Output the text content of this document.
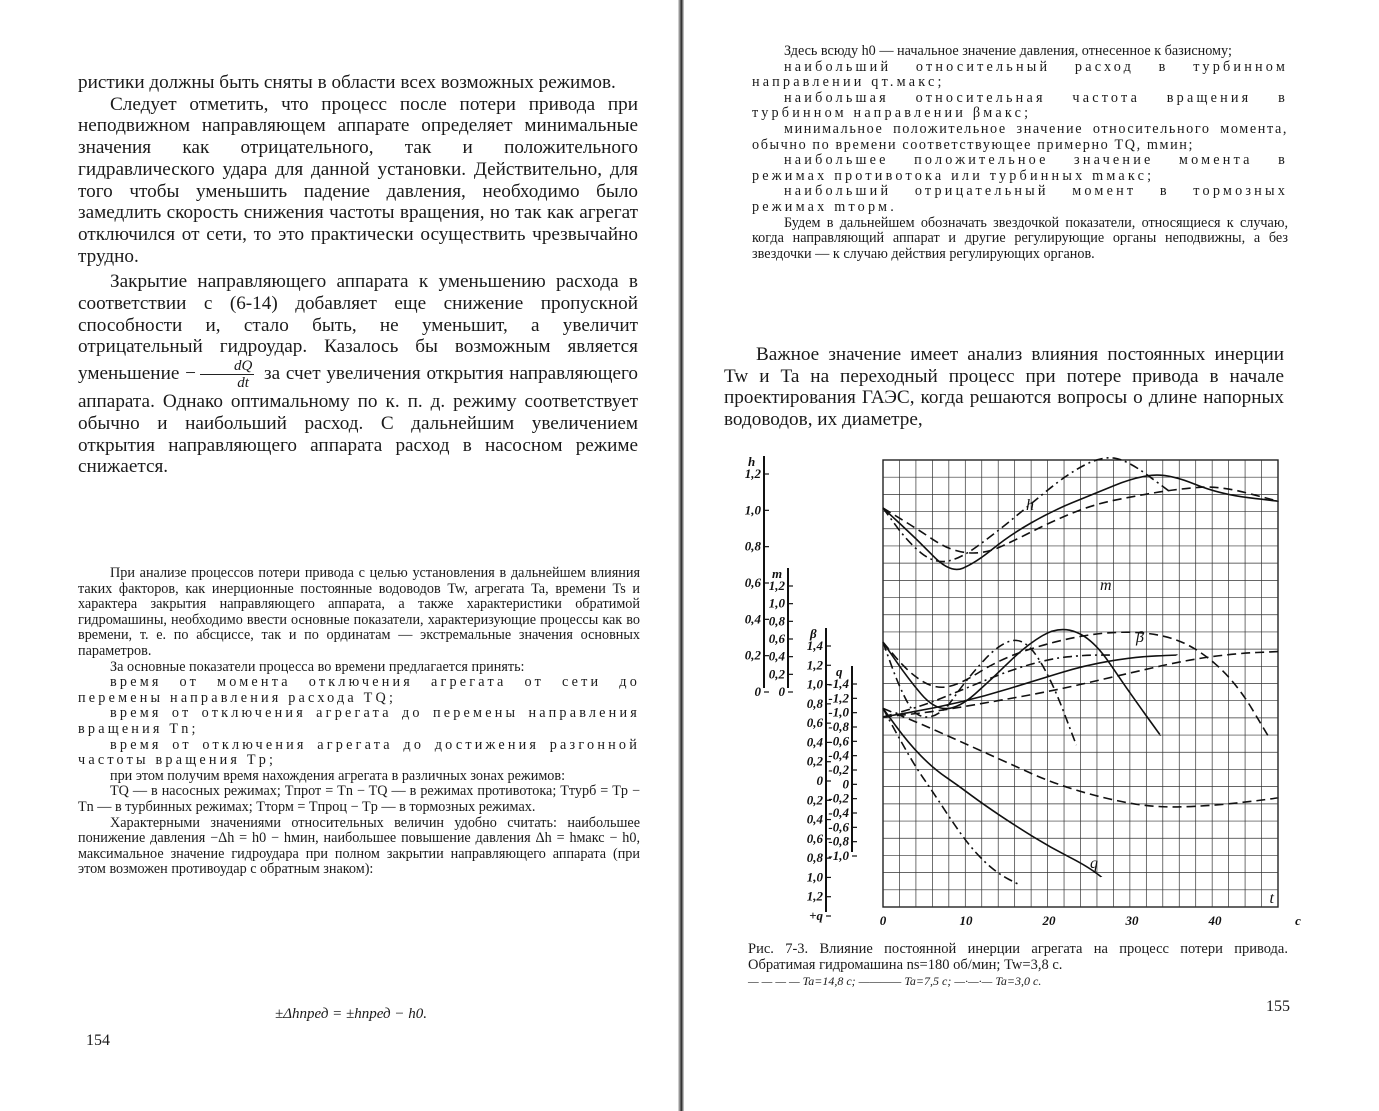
ристики должны быть сняты в области всех возможных режимов.

Следует отметить, что процесс после потери привода при неподвижном направляющем аппарате определяет минимальные значения как отрицательного, так и положительного гидравлического удара для данной установки. Действительно, для того чтобы уменьшить падение давления, необходимо было замедлить скорость снижения частоты вращения, но так как агрегат отключился от сети, то это практически осуществить чрезвычайно трудно.

Закрытие направляющего аппарата к уменьшению расхода в соответствии с (6-14) добавляет еще снижение пропускной способности и, стало быть, не уменьшит, а увеличит отрицательный гидроудар. Казалось бы возможным является уменьшение − $\frac{dQ}{dt}$ за счет увеличения открытия направляющего аппарата. Однако оптимальному по к. п. д. режиму соответствует обычно и наибольший расход. С дальнейшим увеличением открытия направляющего аппарата расход в насосном режиме снижается.

При анализе процессов потери привода с целью установления в дальнейшем влияния таких факторов, как инерционные постоянные водоводов Tw, агрегата Ta, времени Ts и характера закрытия направляющего аппарата, а также характеристики обратимой гидромашины, необходимо ввести основные показатели, характеризующие процессы как во времени, т. е. по абсциссе, так и по ординатам — экстремальные значения основных параметров.

За основные показатели процесса во времени предлагается принять:

время от момента отключения агрегата от сети до перемены направления расхода TQ;

время от отключения агрегата до перемены направления вращения Tn;

время от отключения агрегата до достижения разгонной частоты вращения Tp;

при этом получим время нахождения агрегата в различных зонах режимов:

TQ — в насосных режимах; Tпрот = Tn − TQ — в режимах противотока; Tтурб = Tp − Tn — в турбинных режимах; Tторм = Tпроц − Tp — в тормозных режимах.

Характерными значениями относительных величин удобно считать: наибольшее понижение давления −Δh = h0 − hмин, наибольшее повышение давления Δh = hмакс − h0, максимальное значение гидроудара при полном закрытии направляющего аппарата (при этом возможен противоудар с обратным знаком):

±Δhпред = ±hпред − h0.
154

Здесь всюду h0 — начальное значение давления, отнесенное к базисному;

наибольший относительный расход в турбинном направлении qт.макс;

наибольшая относительная частота вращения в турбинном направлении βмакс;

минимальное положительное значение относительного момента, обычно по времени соответствующее примерно TQ, mмин;

наибольшее положительное значение момента в режимах противотока или турбинных mмакс;

наибольший отрицательный момент в тормозных режимах mторм.

Будем в дальнейшем обозначать звездочкой показатели, относящиеся к случаю, когда направляющий аппарат и другие регулирующие органы неподвижны, а без звездочки — к случаю действия регулирующих органов.

Важное значение имеет анализ влияния постоянных инерции Tw и Ta на переходный процесс при потере привода в начале проектирования ГАЭС, когда решаются вопросы о длине напорных водоводов, их диаметре,

1,2
1,0
0,8
0,6
0,4
0,2
0
h
1,2
1,0
0,8
0,6
0,4
0,2
0
m
1,4
1,2
1,0
0,8
0,6
0,4
0,2
0
0,2
0,4
0,6
0,8
1,0
1,2
+q
β
-1,4
-1,2
-1,0
-0,8
-0,6
-0,4
-0,2
0
-0,2
-0,4
-0,6
-0,8
-1,0
q
0	10	20	30	40	с
t
h
m
β
q
Рис. 7-3. Влияние постоянной инерции агрегата на процесс потери привода. Обратимая гидромашина ns=180 об/мин; Tw=3,8 с.
— — — — Ta=14,8 с; ———— Ta=7,5 с; —·—·— Ta=3,0 с.
155
